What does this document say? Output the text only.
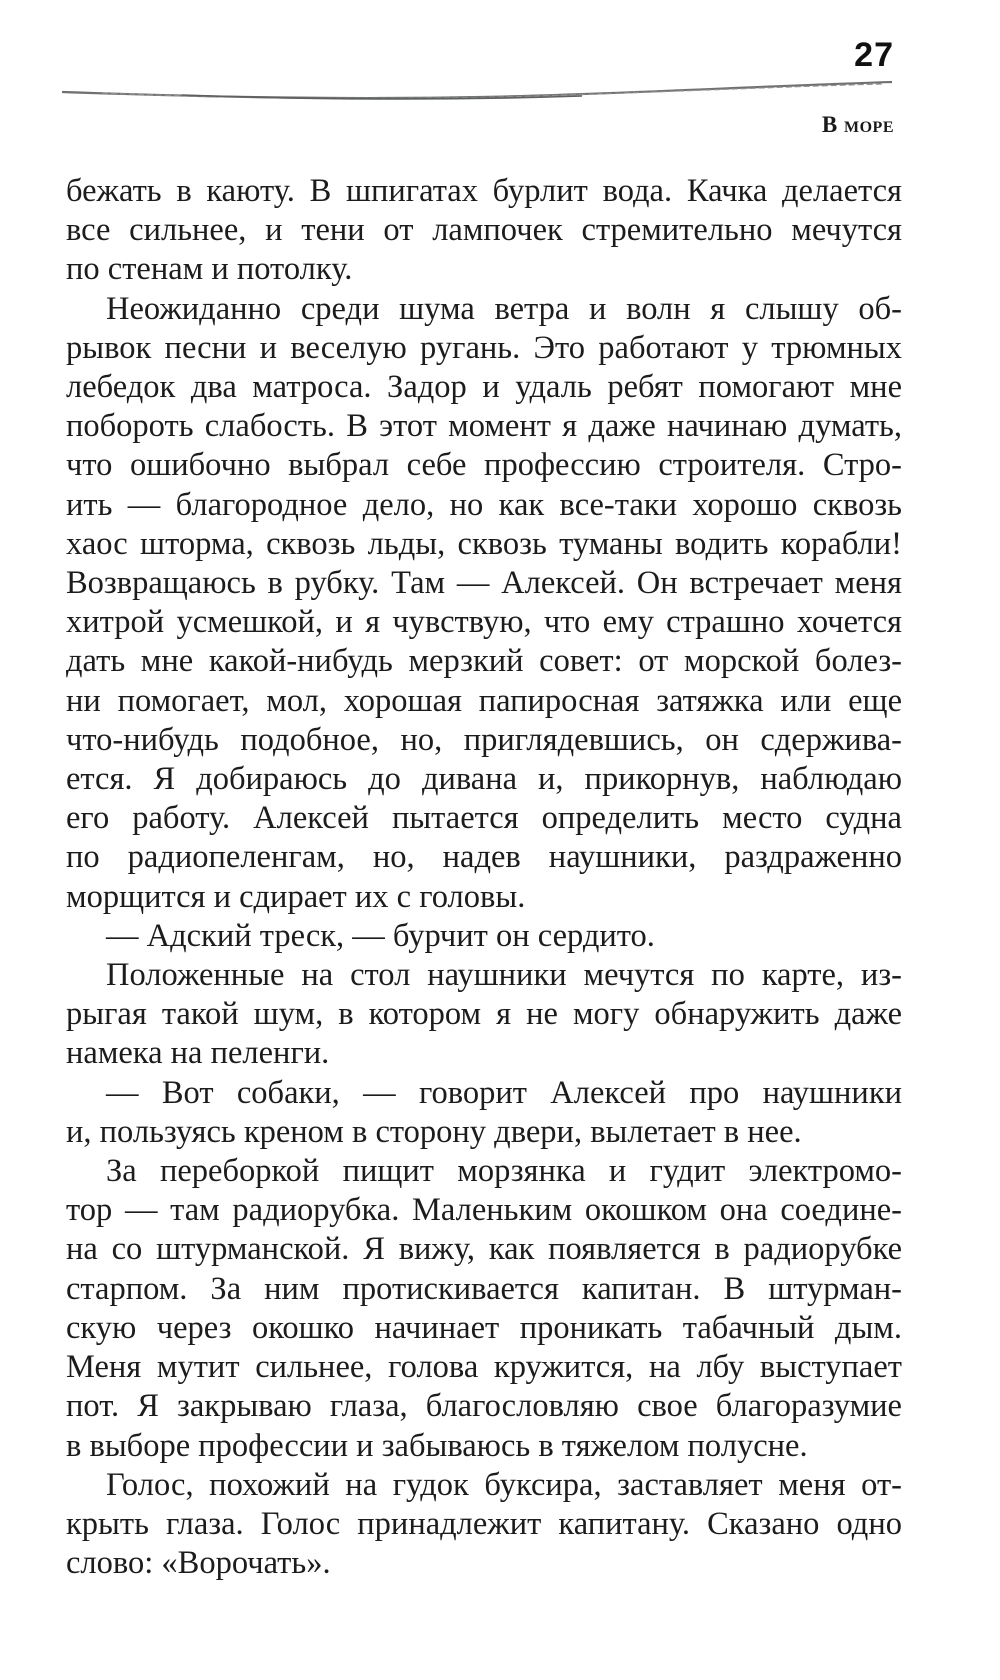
27
В море

бежать в каюту. В шпигатах бурлит вода. Качка делается

все сильнее, и тени от лампочек стремительно мечутся

по стенам и потолку.

Неожиданно среди шума ветра и волн я слышу об-

рывок песни и веселую ругань. Это работают у трюмных

лебедок два матроса. Задор и удаль ребят помогают мне

побороть слабость. В этот момент я даже начинаю думать,

что ошибочно выбрал себе профессию строителя. Стро-

ить — благородное дело, но как все-таки хорошо сквозь

хаос шторма, сквозь льды, сквозь туманы водить корабли!

Возвращаюсь в рубку. Там — Алексей. Он встречает меня

хитрой усмешкой, и я чувствую, что ему страшно хочется

дать мне какой-нибудь мерзкий совет: от морской болез-

ни помогает, мол, хорошая папиросная затяжка или еще

что-нибудь подобное, но, приглядевшись, он сдержива-

ется. Я добираюсь до дивана и, прикорнув, наблюдаю

его работу. Алексей пытается определить место судна

по радиопеленгам, но, надев наушники, раздраженно

морщится и сдирает их с головы.

— Адский треск, — бурчит он сердито.

Положенные на стол наушники мечутся по карте, из-

рыгая такой шум, в котором я не могу обнаружить даже

намека на пеленги.

— Вот собаки, — говорит Алексей про наушники

и, пользуясь креном в сторону двери, вылетает в нее.

За переборкой пищит морзянка и гудит электромо-

тор — там радиорубка. Маленьким окошком она соедине-

на со штурманской. Я вижу, как появляется в радиорубке

старпом. За ним протискивается капитан. В штурман-

скую через окошко начинает проникать табачный дым.

Меня мутит сильнее, голова кружится, на лбу выступает

пот. Я закрываю глаза, благословляю свое благоразумие

в выборе профессии и забываюсь в тяжелом полусне.

Голос, похожий на гудок буксира, заставляет меня от-

крыть глаза. Голос принадлежит капитану. Сказано одно

слово: «Ворочать».
